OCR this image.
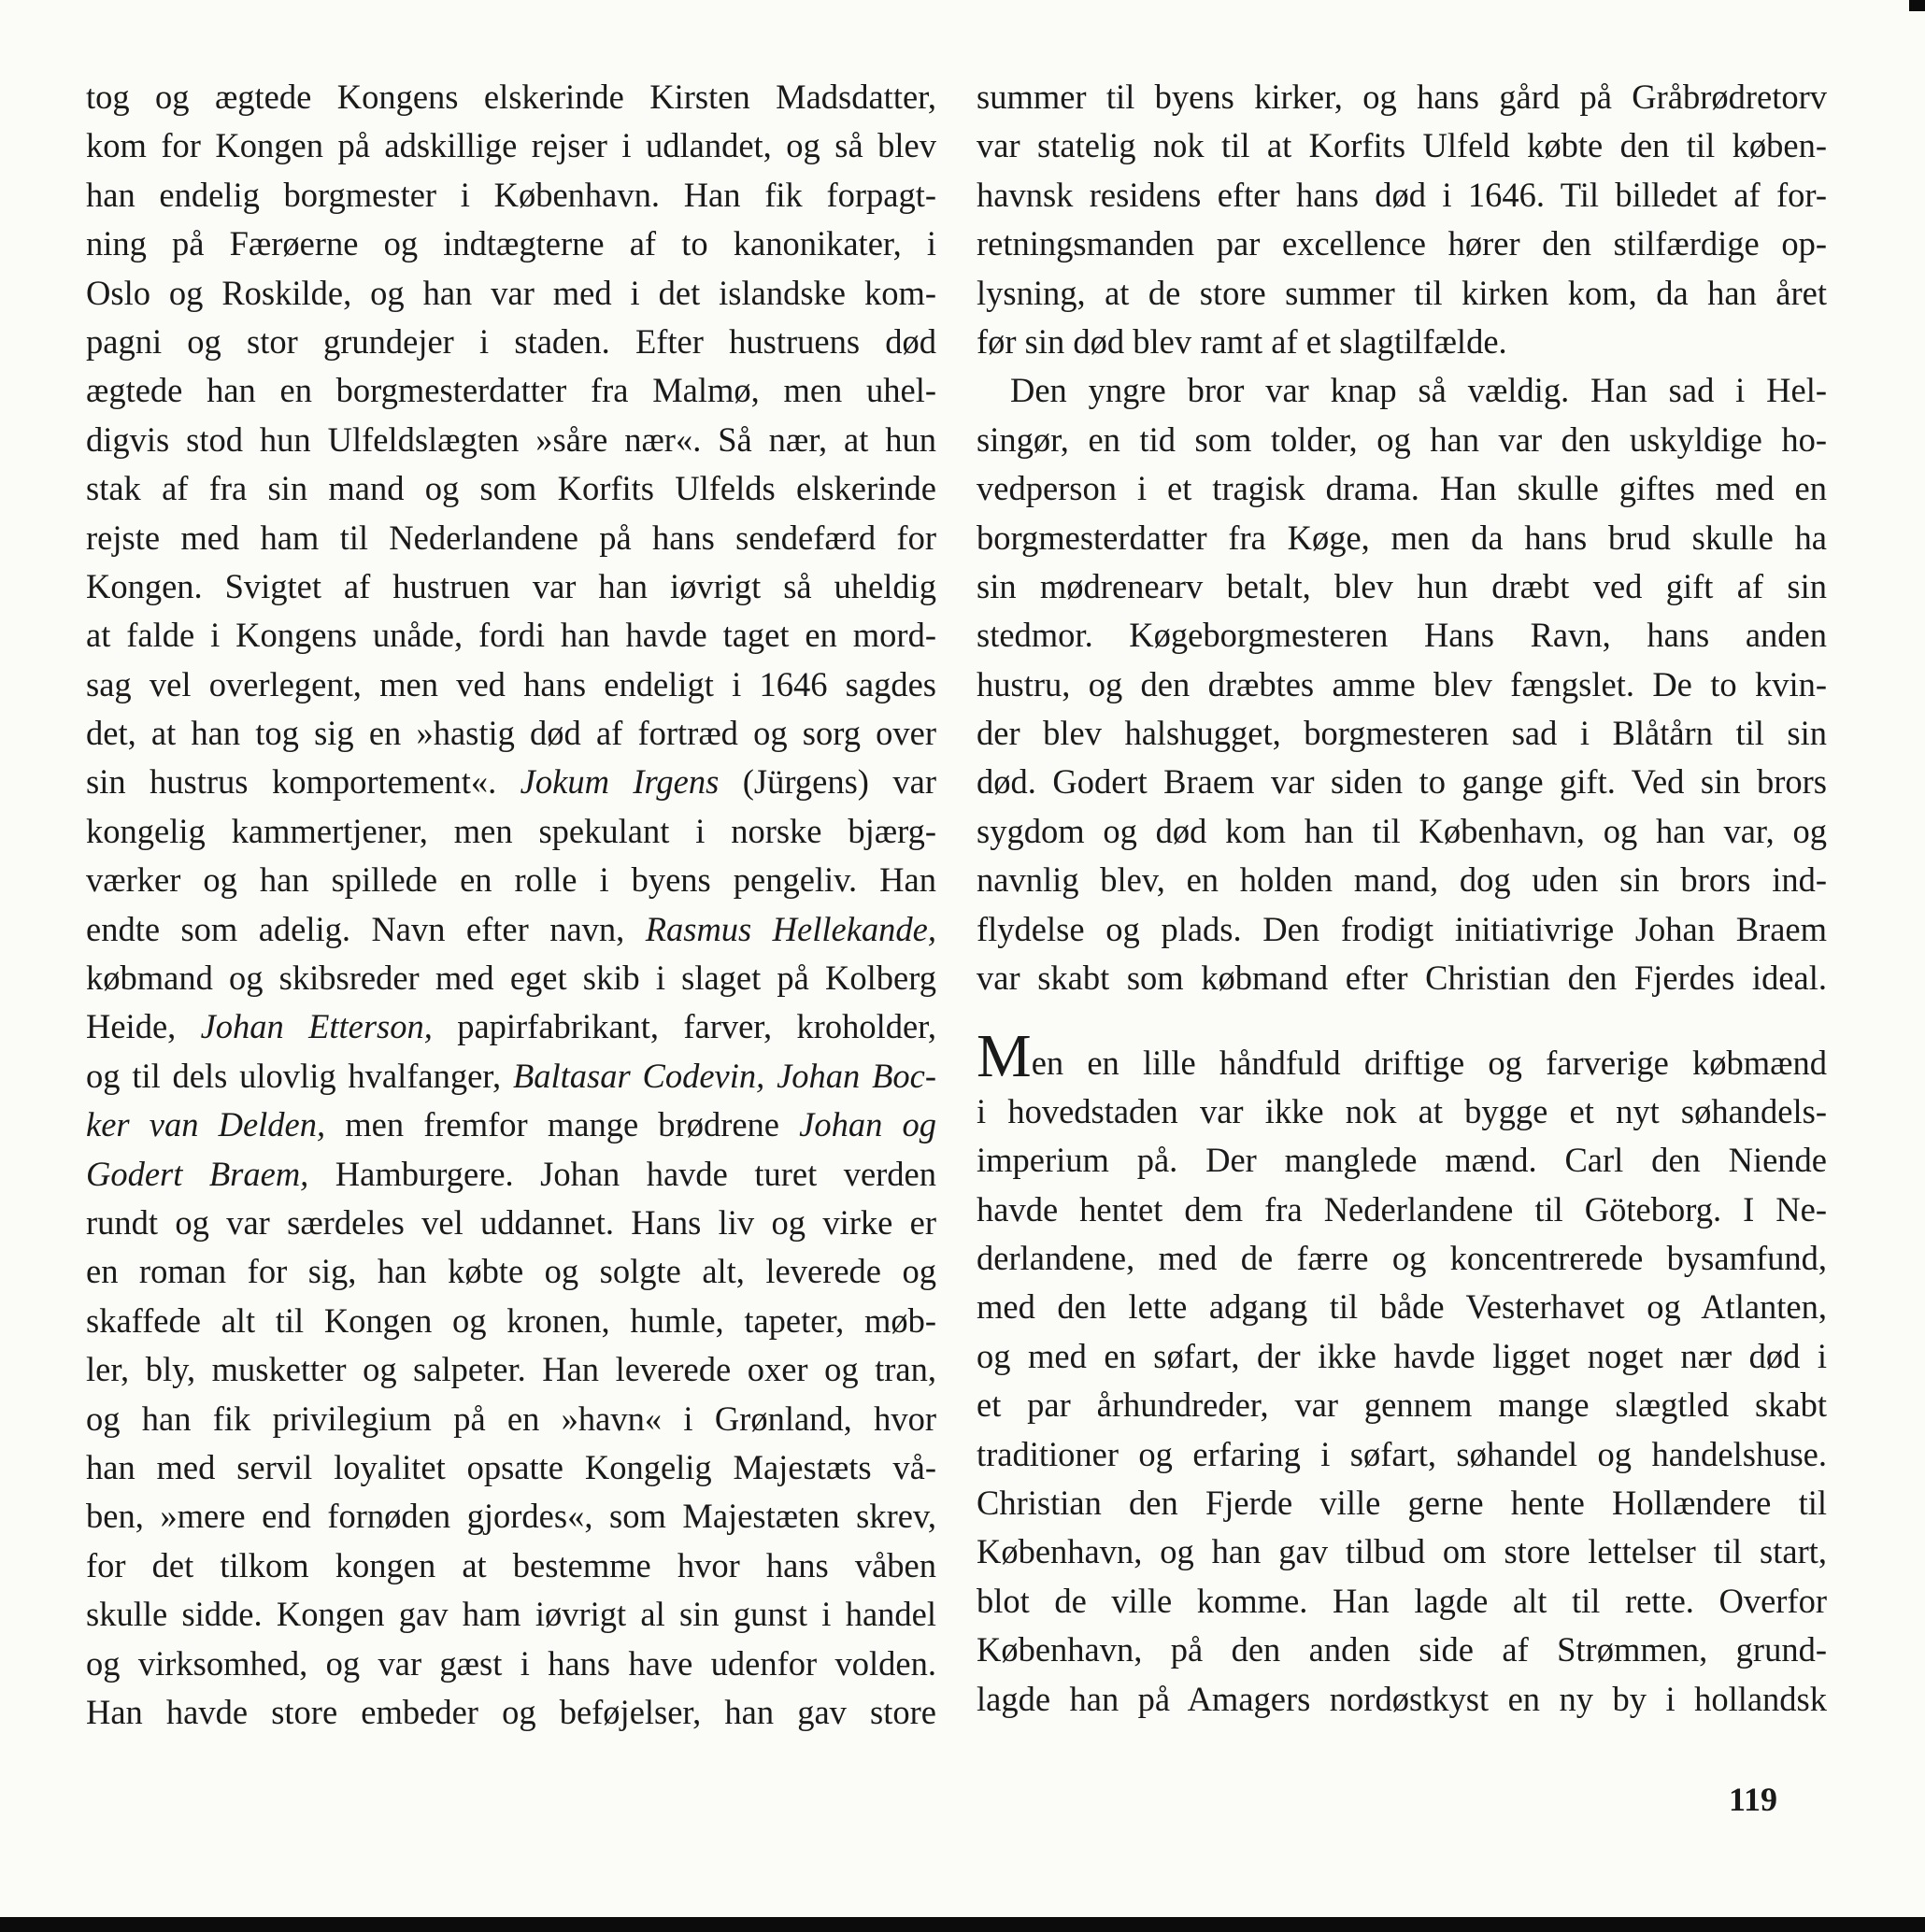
tog og ægtede Kongens elskerinde Kirsten Madsdatter,
kom for Kongen på adskillige rejser i udlandet, og så blev
han endelig borgmester i København. Han fik forpagt-
ning på Færøerne og indtægterne af to kanonikater, i
Oslo og Roskilde, og han var med i det islandske kom-
pagni og stor grundejer i staden. Efter hustruens død
ægtede han en borgmesterdatter fra Malmø, men uhel-
digvis stod hun Ulfeldslægten »såre nær«. Så nær, at hun
stak af fra sin mand og som Korfits Ulfelds elskerinde
rejste med ham til Nederlandene på hans sendefærd for
Kongen. Svigtet af hustruen var han iøvrigt så uheldig
at falde i Kongens unåde, fordi han havde taget en mord-
sag vel overlegent, men ved hans endeligt i 1646 sagdes
det, at han tog sig en »hastig død af fortræd og sorg over
sin hustrus komportement«. Jokum Irgens (Jürgens) var
kongelig kammertjener, men spekulant i norske bjærg-
værker og han spillede en rolle i byens pengeliv. Han
endte som adelig. Navn efter navn, Rasmus Hellekande,
købmand og skibsreder med eget skib i slaget på Kolberg
Heide, Johan Etterson, papirfabrikant, farver, kroholder,
og til dels ulovlig hvalfanger, Baltasar Codevin, Johan Boc-
ker van Delden, men fremfor mange brødrene Johan og
Godert Braem, Hamburgere. Johan havde turet verden
rundt og var særdeles vel uddannet. Hans liv og virke er
en roman for sig, han købte og solgte alt, leverede og
skaffede alt til Kongen og kronen, humle, tapeter, møb-
ler, bly, musketter og salpeter. Han leverede oxer og tran,
og han fik privilegium på en »havn« i Grønland, hvor
han med servil loyalitet opsatte Kongelig Majestæts vå-
ben, »mere end fornøden gjordes«, som Majestæten skrev,
for det tilkom kongen at bestemme hvor hans våben
skulle sidde. Kongen gav ham iøvrigt al sin gunst i handel
og virksomhed, og var gæst i hans have udenfor volden.
Han havde store embeder og beføjelser, han gav store
summer til byens kirker, og hans gård på Gråbrødretorv
var statelig nok til at Korfits Ulfeld købte den til køben-
havnsk residens efter hans død i 1646. Til billedet af for-
retningsmanden par excellence hører den stilfærdige op-
lysning, at de store summer til kirken kom, da han året
før sin død blev ramt af et slagtilfælde.
Den yngre bror var knap så vældig. Han sad i Hel-
singør, en tid som tolder, og han var den uskyldige ho-
vedperson i et tragisk drama. Han skulle giftes med en
borgmesterdatter fra Køge, men da hans brud skulle ha
sin mødrenearv betalt, blev hun dræbt ved gift af sin
stedmor. Køgeborgmesteren Hans Ravn, hans anden
hustru, og den dræbtes amme blev fængslet. De to kvin-
der blev halshugget, borgmesteren sad i Blåtårn til sin
død. Godert Braem var siden to gange gift. Ved sin brors
sygdom og død kom han til København, og han var, og
navnlig blev, en holden mand, dog uden sin brors ind-
flydelse og plads. Den frodigt initiativrige Johan Braem
var skabt som købmand efter Christian den Fjerdes ideal.
Men en lille håndfuld driftige og farverige købmænd
i hovedstaden var ikke nok at bygge et nyt søhandels-
imperium på. Der manglede mænd. Carl den Niende
havde hentet dem fra Nederlandene til Göteborg. I Ne-
derlandene, med de færre og koncentrerede bysamfund,
med den lette adgang til både Vesterhavet og Atlanten,
og med en søfart, der ikke havde ligget noget nær død i
et par århundreder, var gennem mange slægtled skabt
traditioner og erfaring i søfart, søhandel og handelshuse.
Christian den Fjerde ville gerne hente Hollændere til
København, og han gav tilbud om store lettelser til start,
blot de ville komme. Han lagde alt til rette. Overfor
København, på den anden side af Strømmen, grund-
lagde han på Amagers nordøstkyst en ny by i hollandsk
119
